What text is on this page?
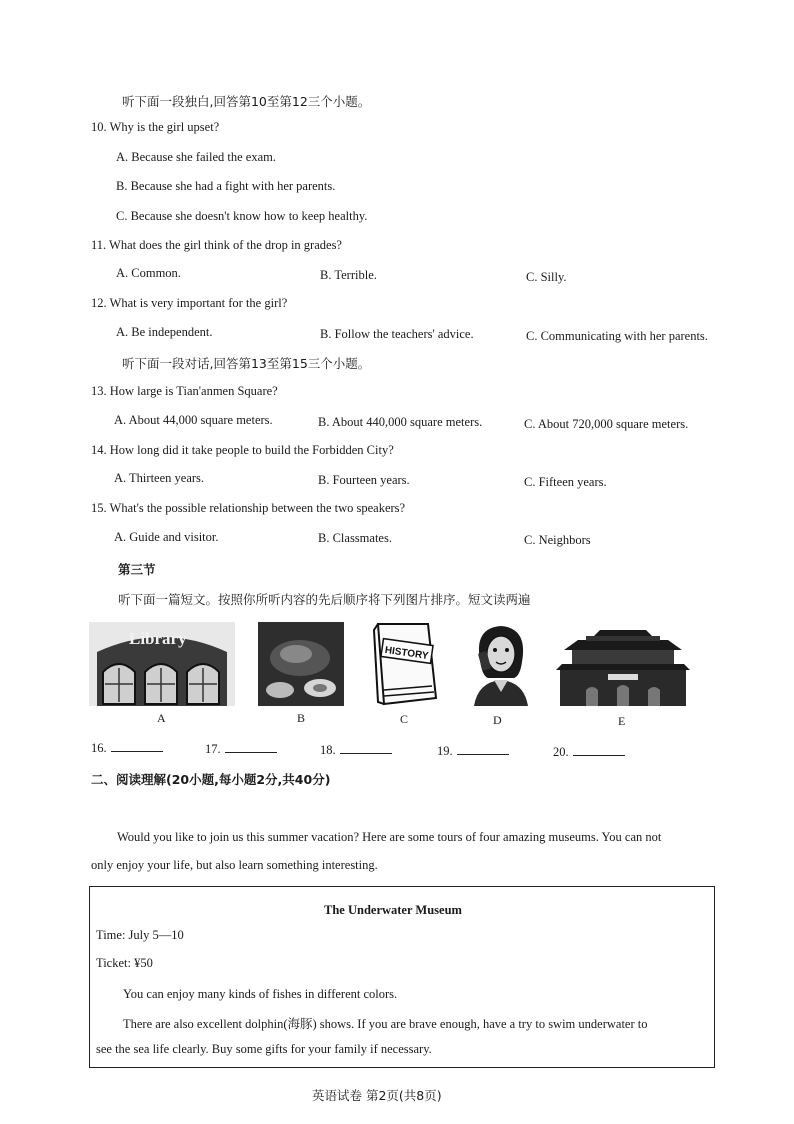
听下面一段独白,回答第10至第12三个小题。
10. Why is the girl upset?
A. Because she failed the exam.
B. Because she had a fight with her parents.
C. Because she doesn't know how to keep healthy.
11. What does the girl think of the drop in grades?
A. Common.	B. Terrible.	C. Silly.
12. What is very important for the girl?
A. Be independent.	B. Follow the teachers' advice.	C. Communicating with her parents.
听下面一段对话,回答第13至第15三个小题。
13. How large is Tian'anmen Square?
A. About 44,000 square meters.	B. About 440,000 square meters.	C. About 720,000 square meters.
14. How long did it take people to build the Forbidden City?
A. Thirteen years.	B. Fourteen years.	C. Fifteen years.
15. What's the possible relationship between the two speakers?
A. Guide and visitor.	B. Classmates.	C. Neighbors
第三节
听下面一篇短文。按照你所听内容的先后顺序将下列图片排序。短文读两遍
Library
A	B
HISTORY
C	D	E
16.	17.	18.	19.	20.
二、阅读理解(20小题,每小题2分,共40分)
Would you like to join us this summer vacation? Here are some tours of four amazing museums. You can not
only enjoy your life, but also learn something interesting.
The Underwater Museum
Time: July 5—10
Ticket: ¥50
You can enjoy many kinds of fishes in different colors.
There are also excellent dolphin(海豚) shows. If you are brave enough, have a try to swim underwater to
see the sea life clearly. Buy some gifts for your family if necessary.
英语试卷 第2页(共8页)
